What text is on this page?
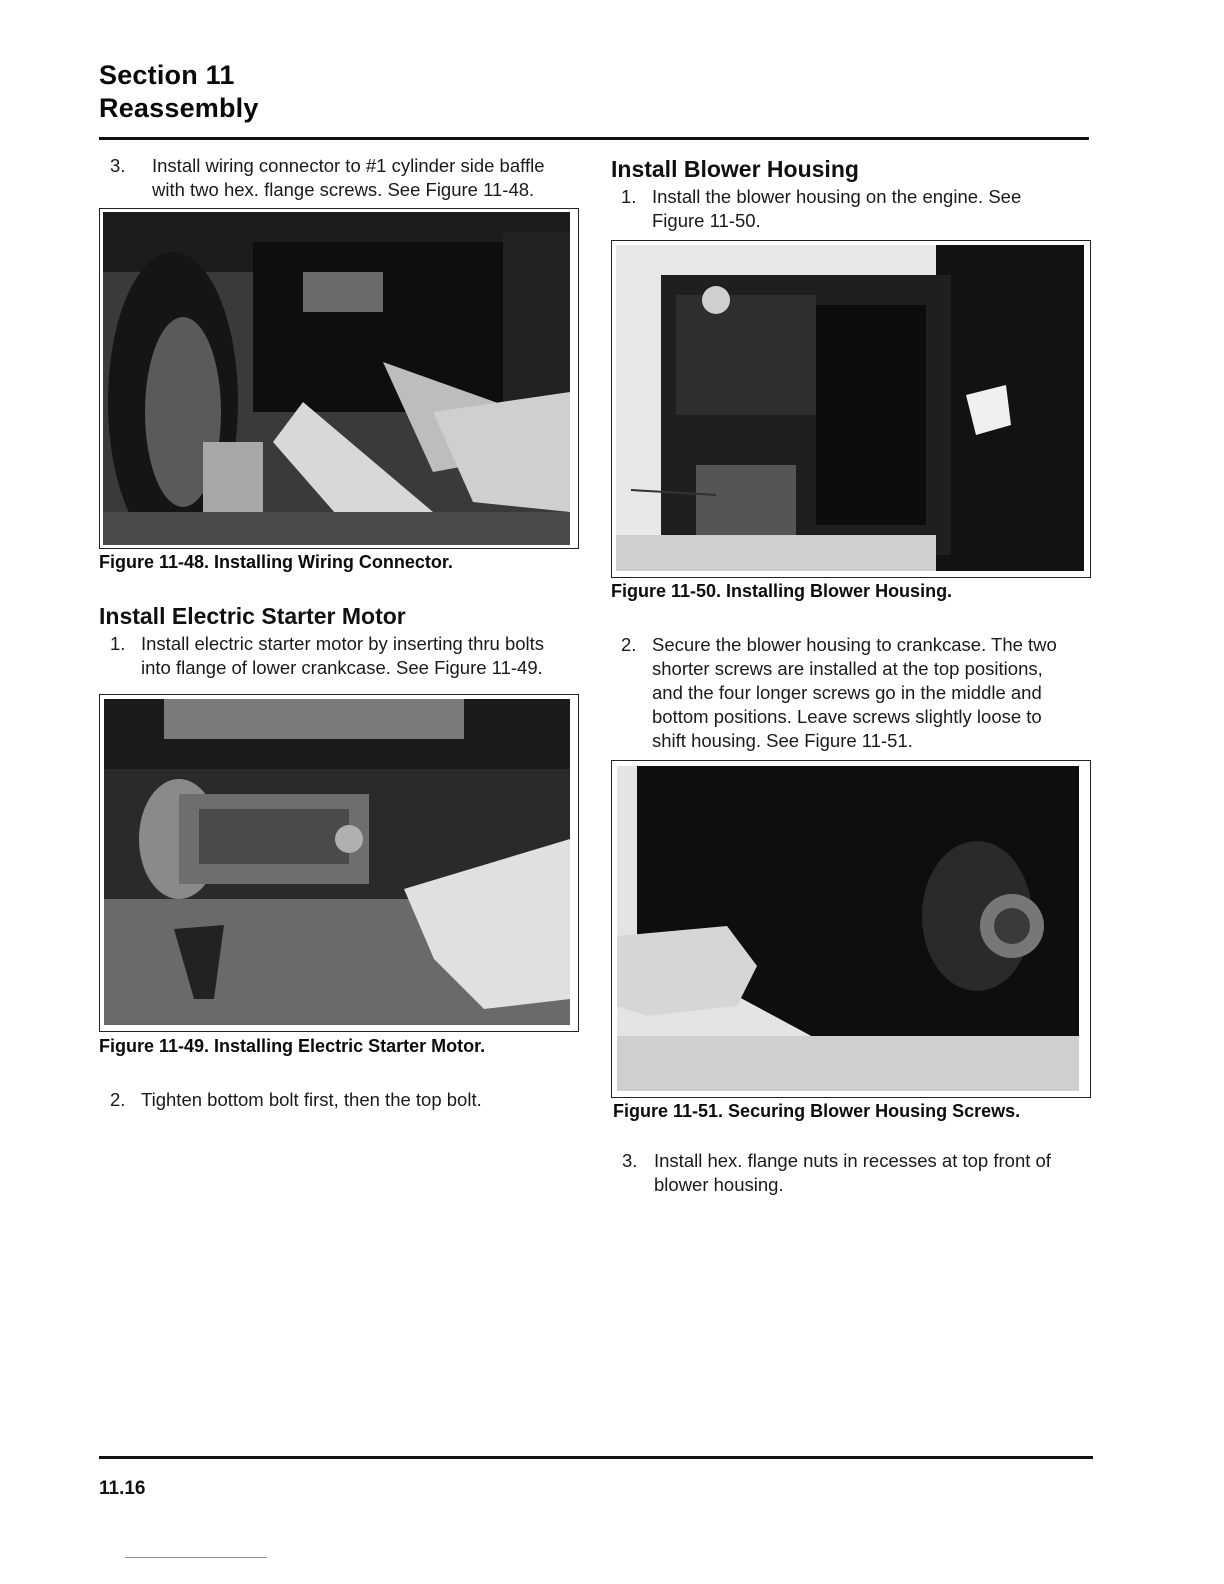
Section 11
Reassembly
3. Install wiring connector to #1 cylinder side baffle
with two hex. flange screws. See Figure 11-48.
Figure 11-48. Installing Wiring Connector.
Install Electric Starter Motor
1. Install electric starter motor by inserting thru bolts
into flange of lower crankcase. See Figure 11-49.
Figure 11-49. Installing Electric Starter Motor.
2. Tighten bottom bolt first, then the top bolt.
Install Blower Housing
1. Install the blower housing on the engine. See
Figure 11-50.
Figure 11-50. Installing Blower Housing.
2. Secure the blower housing to crankcase. The two
shorter screws are installed at the top positions,
and the four longer screws go in the middle and
bottom positions. Leave screws slightly loose to
shift housing. See Figure 11-51.
Figure 11-51. Securing Blower Housing Screws.
3. Install hex. flange nuts in recesses at top front of
blower housing.
11.16
